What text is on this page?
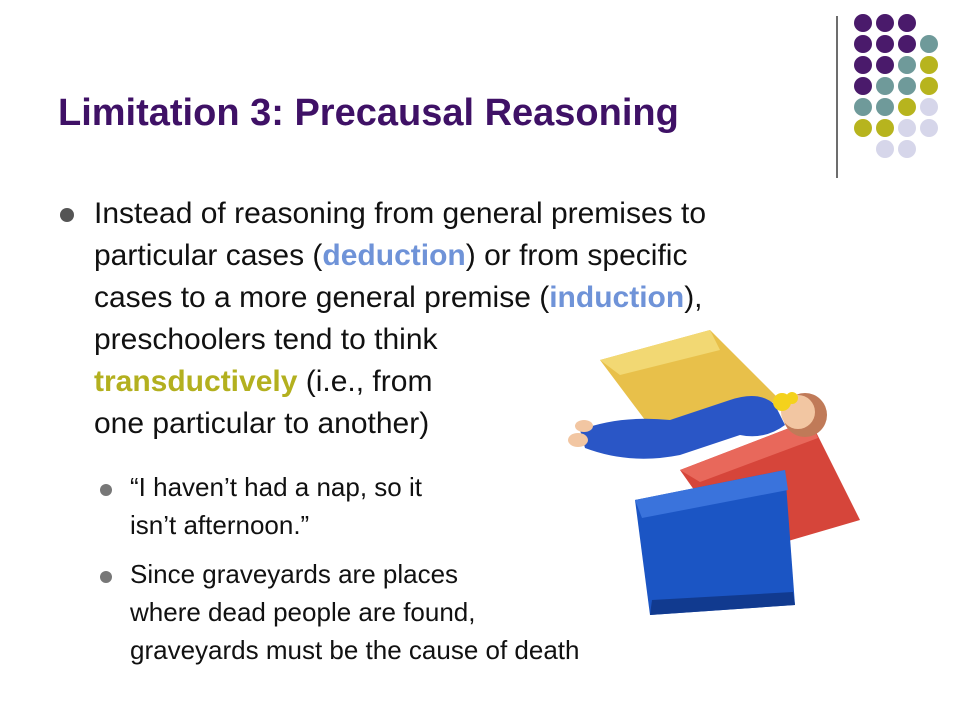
Limitation 3: Precausal Reasoning
Instead of reasoning from general premises to
particular cases (deduction) or from specific
cases to a more general premise (induction),
preschoolers tend to think
transductively (i.e., from
one particular to another)
“I haven’t had a nap, so it
isn’t afternoon.”
Since graveyards are places
where dead people are found,
graveyards must be the cause of death
